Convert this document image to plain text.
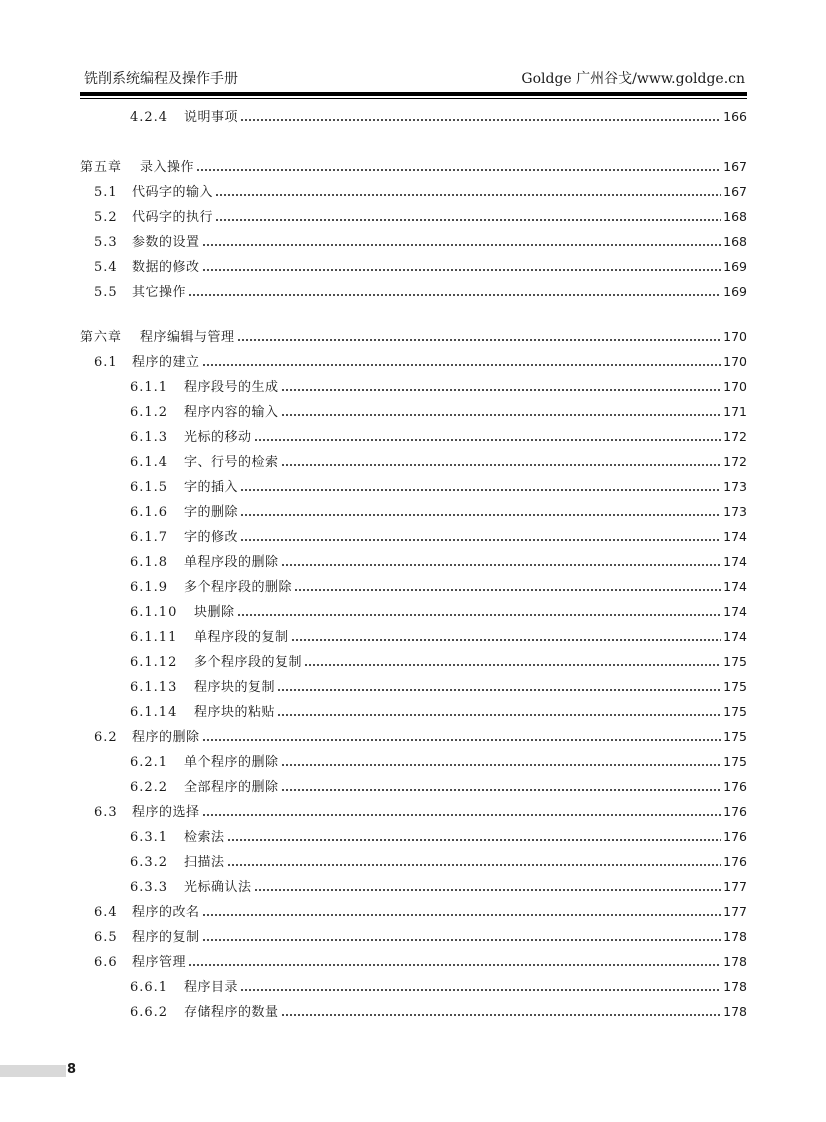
铣削系统编程及操作手册	Goldge 广州谷戈/www.goldge.cn
4.2.4	说明事项	166
第五章	录入操作	167
5.1	代码字的输入	167
5.2	代码字的执行	168
5.3	参数的设置	168
5.4	数据的修改	169
5.5	其它操作	169
第六章	程序编辑与管理	170
6.1	程序的建立	170
6.1.1	程序段号的生成	170
6.1.2	程序内容的输入	171
6.1.3	光标的移动	172
6.1.4	字、行号的检索	172
6.1.5	字的插入	173
6.1.6	字的删除	173
6.1.7	字的修改	174
6.1.8	单程序段的删除	174
6.1.9	多个程序段的删除	174
6.1.10	块删除	174
6.1.11	单程序段的复制	174
6.1.12	多个程序段的复制	175
6.1.13	程序块的复制	175
6.1.14	程序块的粘贴	175
6.2	程序的删除	175
6.2.1	单个程序的删除	175
6.2.2	全部程序的删除	176
6.3	程序的选择	176
6.3.1	检索法	176
6.3.2	扫描法	176
6.3.3	光标确认法	177
6.4	程序的改名	177
6.5	程序的复制	178
6.6	程序管理	178
6.6.1	程序目录	178
6.6.2	存储程序的数量	178
8
